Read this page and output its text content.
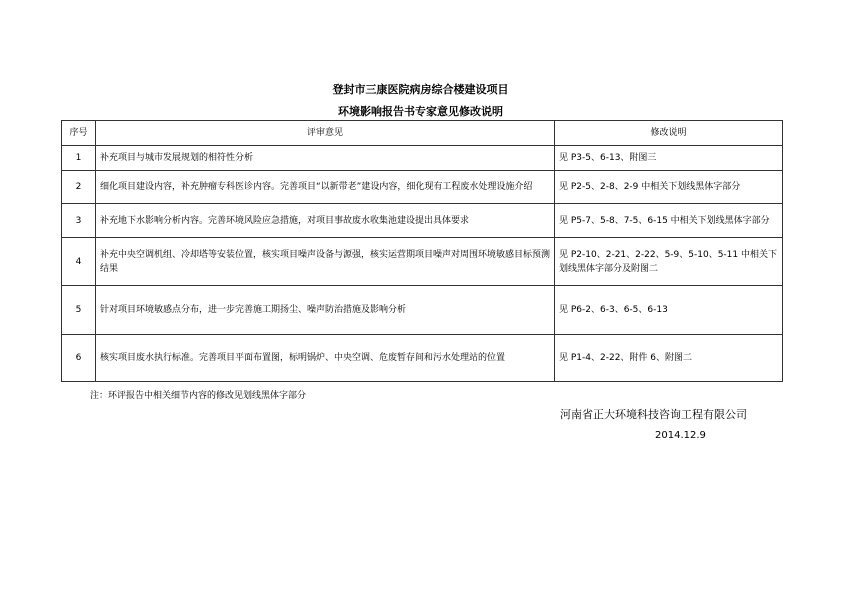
登封市三康医院病房综合楼建设项目
环境影响报告书专家意见修改说明
序号	评审意见	修改说明
1	补充项目与城市发展规划的相符性分析	见 P3-5、6-13、附图三
2	细化项目建设内容，补充肿瘤专科医诊内容。完善项目“以新带老”建设内容，细化现有工程废水处理设施介绍	见 P2-5、2-8、2-9 中相关下划线黑体字部分
3	补充地下水影响分析内容。完善环境风险应急措施，对项目事故废水收集池建设提出具体要求	见 P5-7、5-8、7-5、6-15 中相关下划线黑体字部分
4	补充中央空调机组、冷却塔等安装位置，核实项目噪声设备与源强，核实运营期项目噪声对周围环境敏感目标预测结果	见 P2-10、2-21、2-22、5-9、5-10、5-11 中相关下划线黑体字部分及附图二
5	针对项目环境敏感点分布，进一步完善施工期扬尘、噪声防治措施及影响分析	见 P6-2、6-3、6-5、6-13
6	核实项目废水执行标准。完善项目平面布置图，标明锅炉、中央空调、危废暂存间和污水处理站的位置	见 P1-4、2-22、附件 6、附图二
注：环评报告中相关细节内容的修改见划线黑体字部分
河南省正大环境科技咨询工程有限公司
2014.12.9
